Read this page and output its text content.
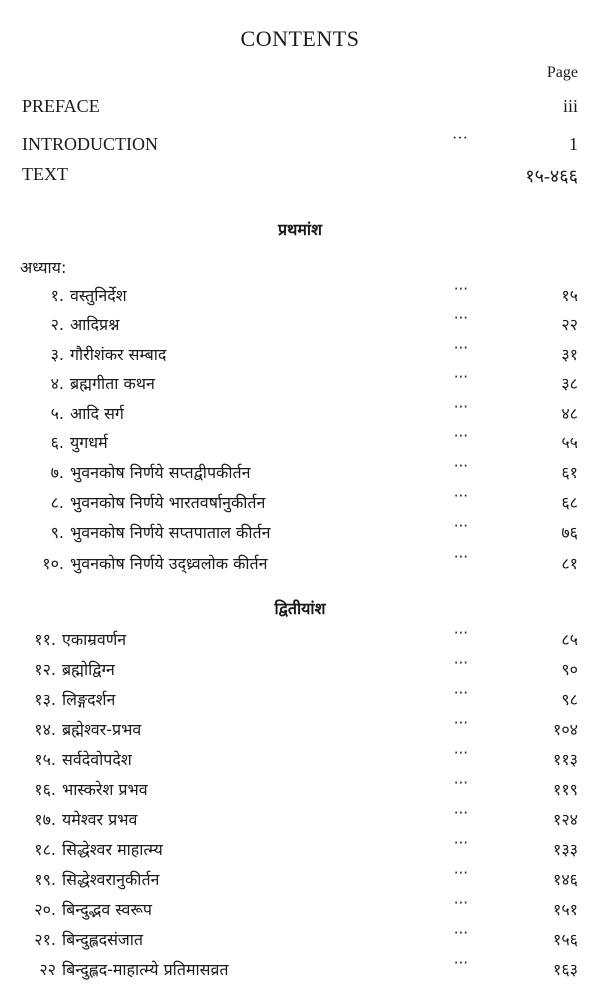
CONTENTS
Page
PREFACE	iii
INTRODUCTION	···	1
TEXT	१५-४६६
प्रथमांश
अध्याय:
१. वस्तुनिर्देश	···	१५
२. आदिप्रश्न	···	२२
३. गौरीशंकर सम्बाद	···	३१
४. ब्रह्मगीता कथन	···	३८
५. आदि सर्ग	···	४८
६. युगधर्म	···	५५
७. भुवनकोष निर्णये सप्तद्वीपकीर्तन	···	६१
८. भुवनकोष निर्णये भारतवर्षानुकीर्तन	···	६८
९. भुवनकोष निर्णये सप्तपाताल कीर्तन	···	७६
१०. भुवनकोष निर्णये उद्ध्र्वलोक कीर्तन	···	८१
द्वितीयांश
११. एकाम्रवर्णन	···	८५
१२. ब्रह्मोद्विग्न	···	९०
१३. लिङ्गदर्शन	···	९८
१४. ब्रह्मेश्वर-प्रभव	···	१०४
१५. सर्वदेवोपदेश	···	११३
१६. भास्करेश प्रभव	···	११९
१७. यमेश्वर प्रभव	···	१२४
१८. सिद्धेश्वर माहात्म्य	···	१३३
१९. सिद्धेश्वरानुकीर्तन	···	१४६
२०. बिन्दुद्भव स्वरूप	···	१५१
२१. बिन्दुह्लदसंजात	···	१५६
२२ बिन्दुह्लद-माहात्म्ये प्रतिमासव्रत	···	१६३
